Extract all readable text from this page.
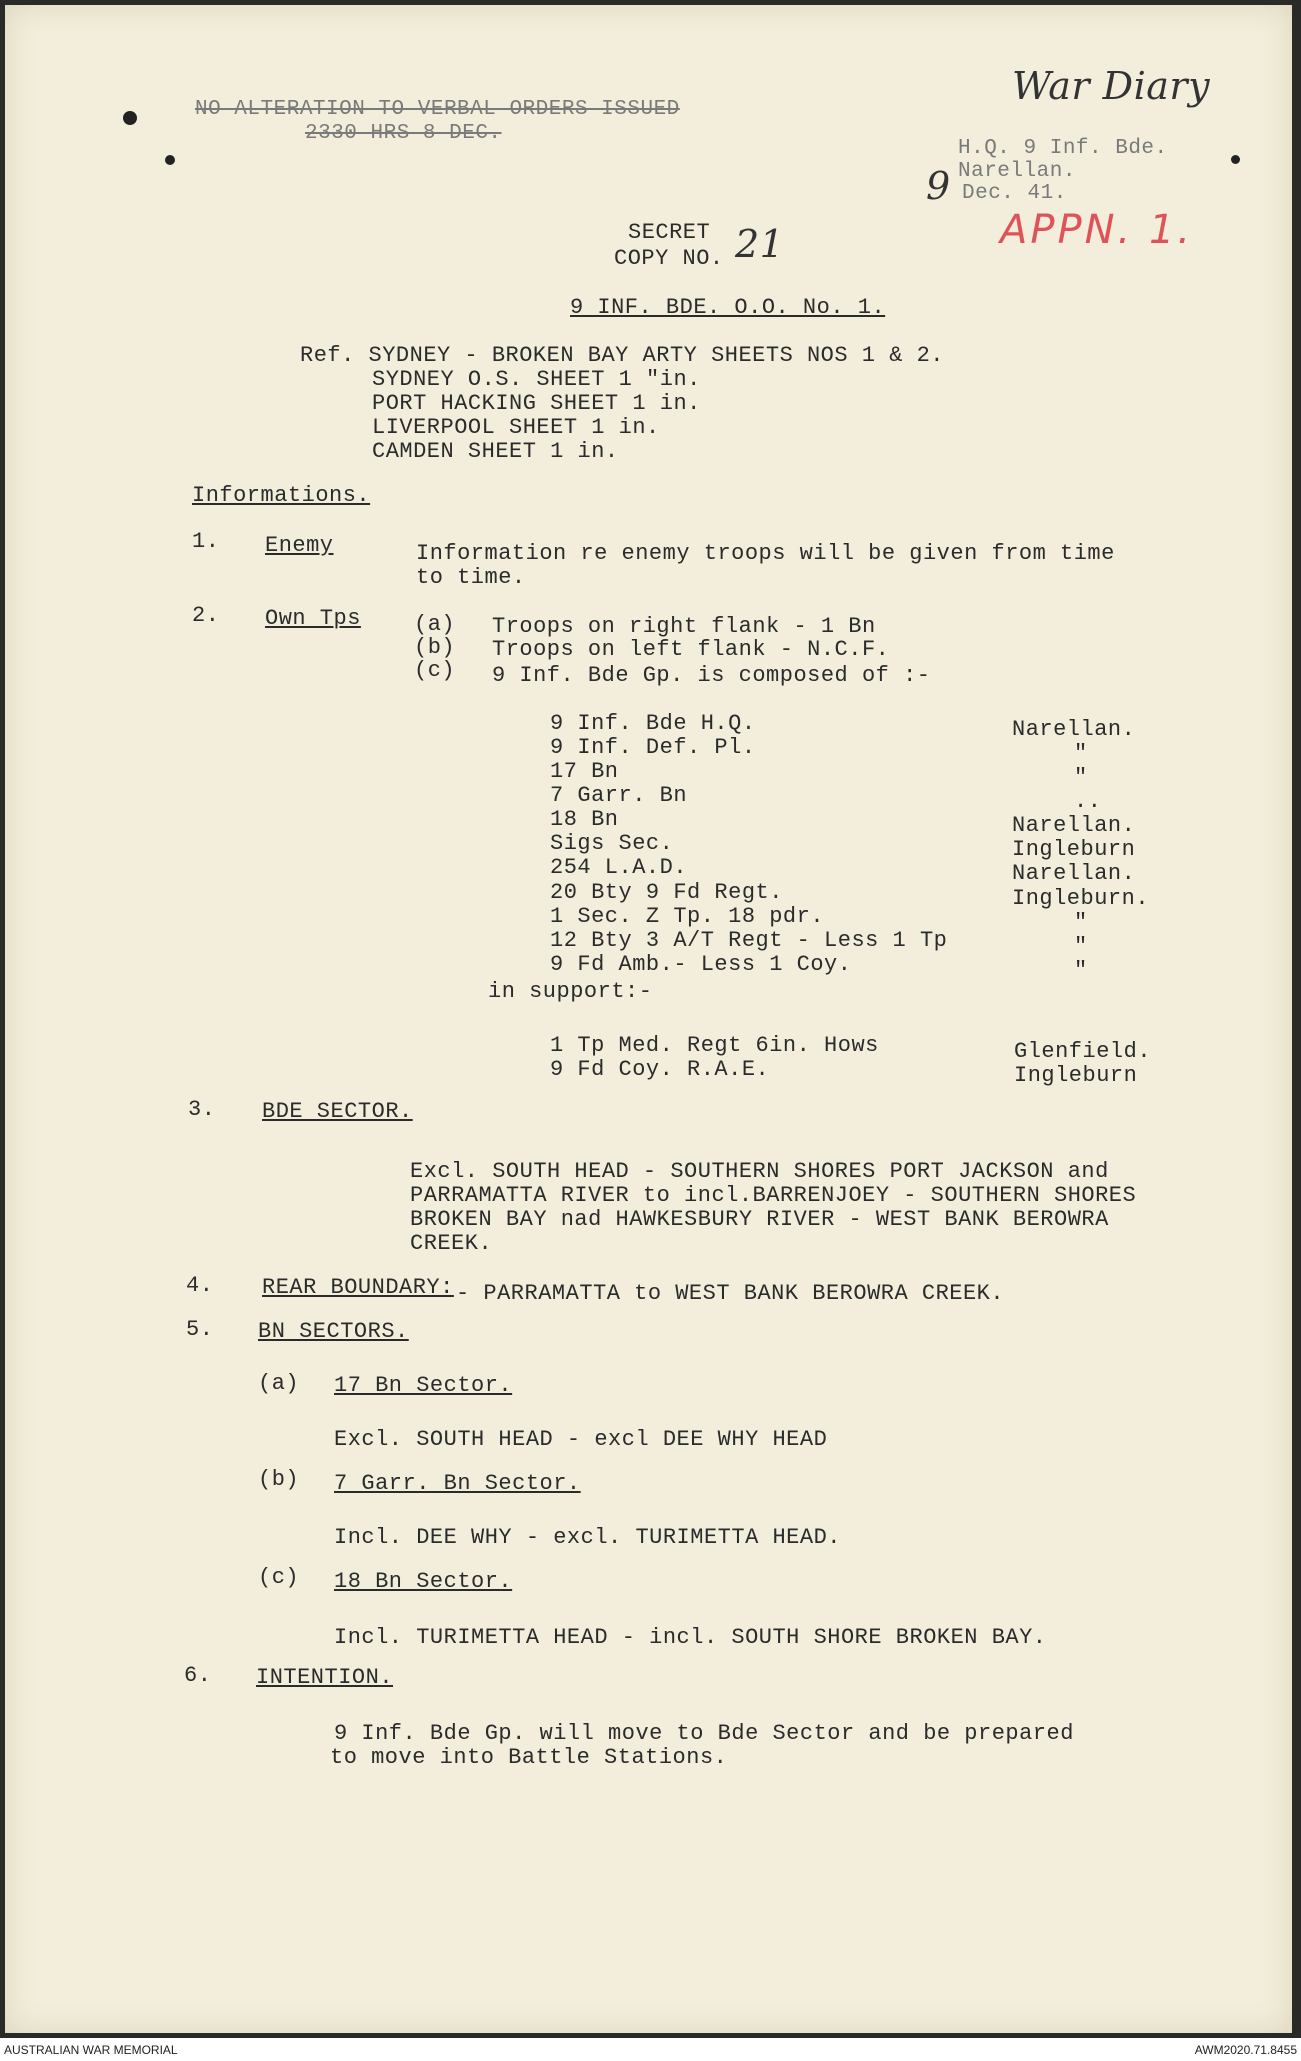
NO ALTERATION TO VERBAL ORDERS ISSUED
2330 HRS 8 DEC.
War Diary
H.Q. 9 Inf. Bde.
Narellan.
9 Dec. 41.
APPN. 1.
SECRET
COPY NO. 21
9 INF. BDE. O.O. No. 1.
Ref. SYDNEY - BROKEN BAY ARTY SHEETS NOS 1 & 2.
SYDNEY O.S. SHEET 1 "in.
PORT HACKING SHEET 1 in.
LIVERPOOL SHEET 1 in.
CAMDEN SHEET 1 in.
Informations.
1. Enemy	Information re enemy troops will be given from time
to time.
2. Own Tps (a) Troops on right flank - 1 Bn
(b) Troops on left flank - N.C.F.
(c) 9 Inf. Bde Gp. is composed of :-
9 Inf. Bde H.Q.	Narellan.
9 Inf. Def. Pl.	"
17 Bn	"
7 Garr. Bn	..
18 Bn	Narellan.
Sigs Sec.	Ingleburn
254 L.A.D.	Narellan.
20 Bty 9 Fd Regt.	Ingleburn.
1 Sec. Z Tp. 18 pdr.	"
12 Bty 3 A/T Regt - Less 1 Tp	"
9 Fd Amb.- Less 1 Coy.	"
in support:-
1 Tp Med. Regt 6in. Hows	Glenfield.
9 Fd Coy. R.A.E.	Ingleburn
3. BDE SECTOR.
Excl. SOUTH HEAD - SOUTHERN SHORES PORT JACKSON and
PARRAMATTA RIVER to incl.BARRENJOEY - SOUTHERN SHORES
BROKEN BAY nad HAWKESBURY RIVER - WEST BANK BEROWRA
CREEK.
4. REAR BOUNDARY: - PARRAMATTA to WEST BANK BEROWRA CREEK.
5. BN SECTORS.
(a) 17 Bn Sector.
Excl. SOUTH HEAD - excl DEE WHY HEAD
(b) 7 Garr. Bn Sector.
Incl. DEE WHY - excl. TURIMETTA HEAD.
(c) 18 Bn Sector.
Incl. TURIMETTA HEAD - incl. SOUTH SHORE BROKEN BAY.
6. INTENTION.
9 Inf. Bde Gp. will move to Bde Sector and be prepared
to move into Battle Stations.
AUSTRALIAN WAR MEMORIAL	AWM2020.71.8455
